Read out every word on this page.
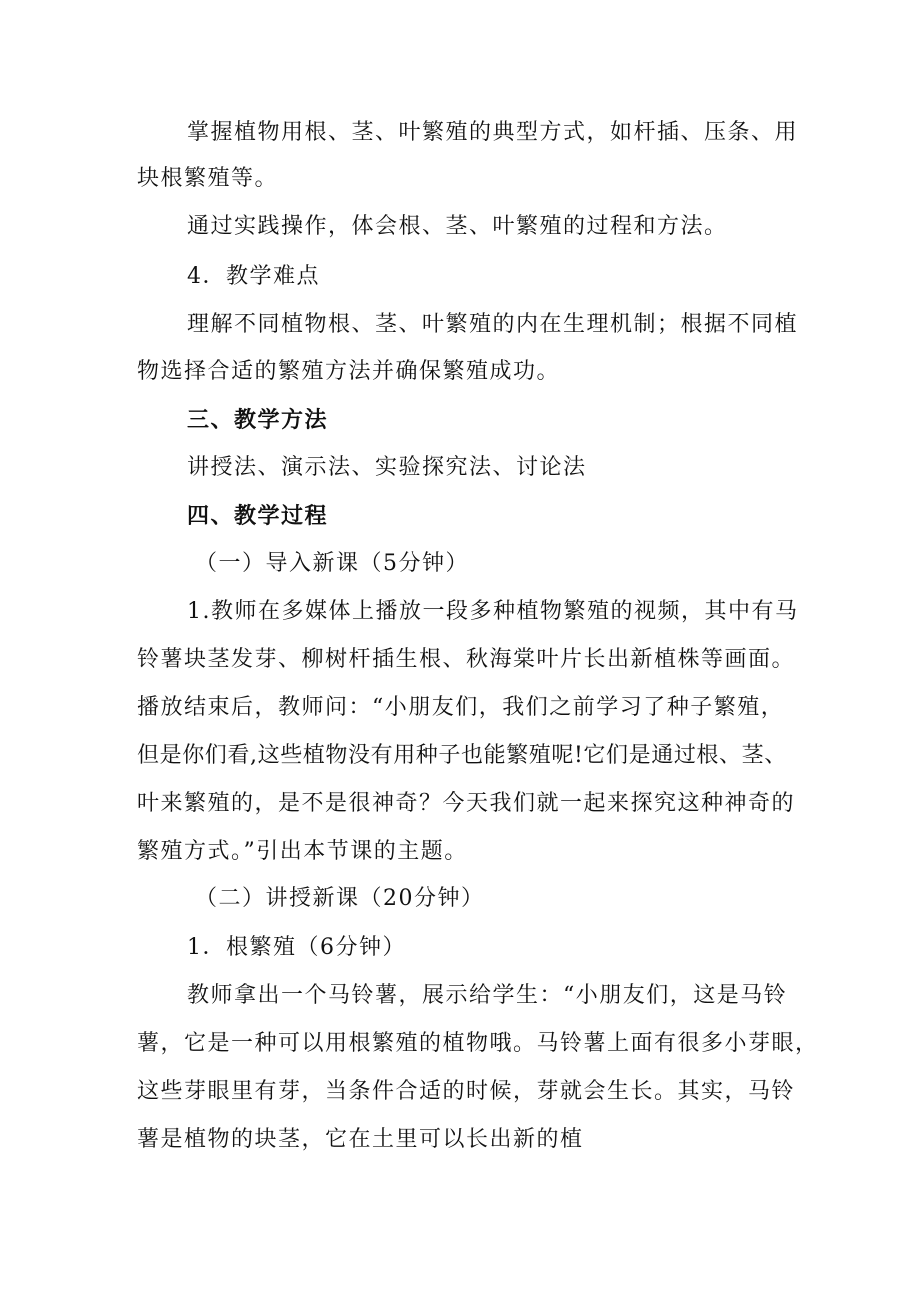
掌握植物用根、茎、叶繁殖的典型方式，如杆插、压条、用
块根繁殖等。
通过实践操作，体会根、茎、叶繁殖的过程和方法。
4．教学难点
理解不同植物根、茎、叶繁殖的内在生理机制；根据不同植
物选择合适的繁殖方法并确保繁殖成功。
三、教学方法
讲授法、演示法、实验探究法、讨论法
四、教学过程
（一）导入新课（5分钟）
1.教师在多媒体上播放一段多种植物繁殖的视频，其中有马
铃薯块茎发芽、柳树杆插生根、秋海棠叶片长出新植株等画面。
播放结束后，教师问：“小朋友们，我们之前学习了种子繁殖，
但是你们看,这些植物没有用种子也能繁殖呢!它们是通过根、茎、
叶来繁殖的，是不是很神奇？今天我们就一起来探究这种神奇的
繁殖方式。”引出本节课的主题。
（二）讲授新课（20分钟）
1．根繁殖（6分钟）
教师拿出一个马铃薯，展示给学生：“小朋友们，这是马铃
薯，它是一种可以用根繁殖的植物哦。马铃薯上面有很多小芽眼，
这些芽眼里有芽，当条件合适的时候，芽就会生长。其实，马铃
薯是植物的块茎，它在土里可以长出新的植
